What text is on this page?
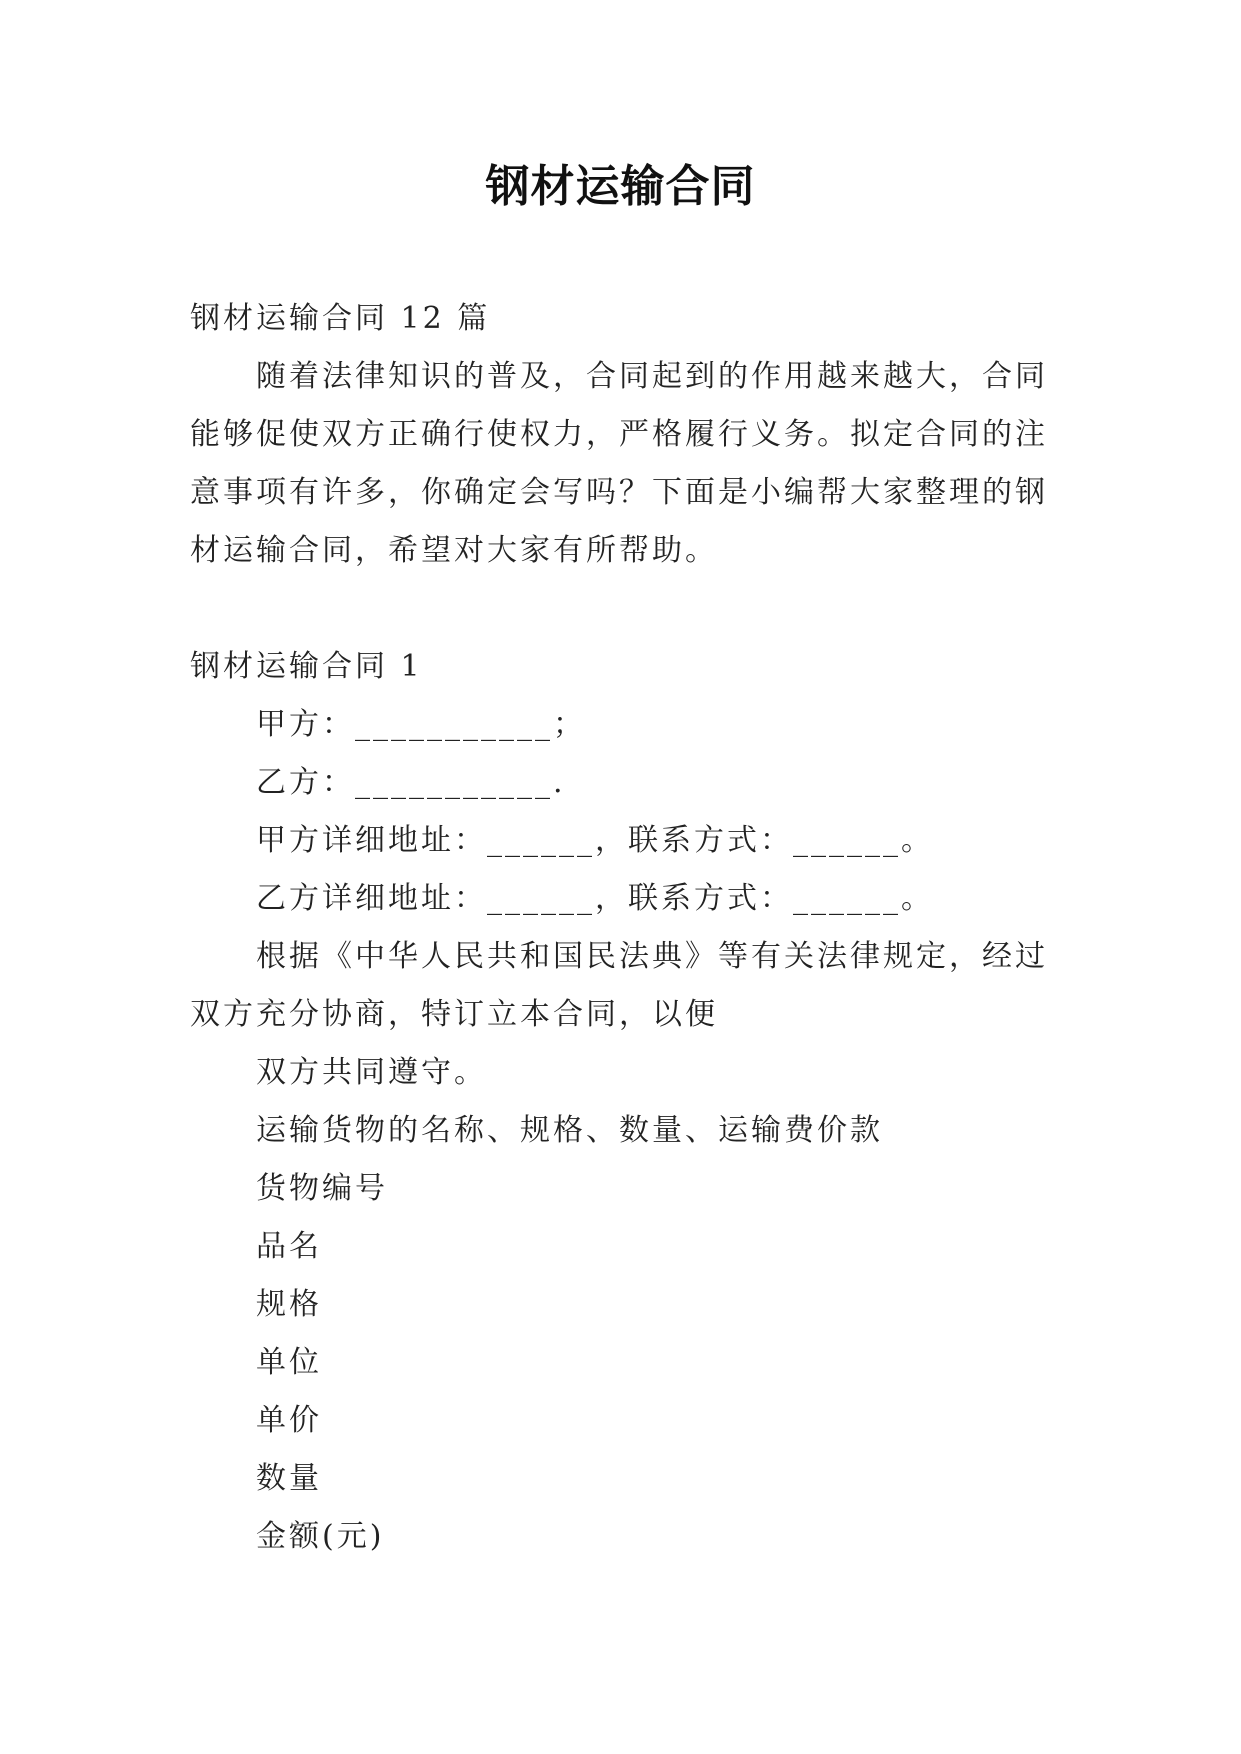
钢材运输合同
钢材运输合同 12 篇
随着法律知识的普及，合同起到的作用越来越大，合同
能够促使双方正确行使权力，严格履行义务。拟定合同的注
意事项有许多，你确定会写吗？下面是小编帮大家整理的钢
材运输合同，希望对大家有所帮助。
钢材运输合同 1
甲方：___________；
乙方：___________.
甲方详细地址：______，联系方式：______。
乙方详细地址：______，联系方式：______。
根据《中华人民共和国民法典》等有关法律规定，经过
双方充分协商，特订立本合同，以便
双方共同遵守。
运输货物的名称、规格、数量、运输费价款
货物编号
品名
规格
单位
单价
数量
金额(元)
